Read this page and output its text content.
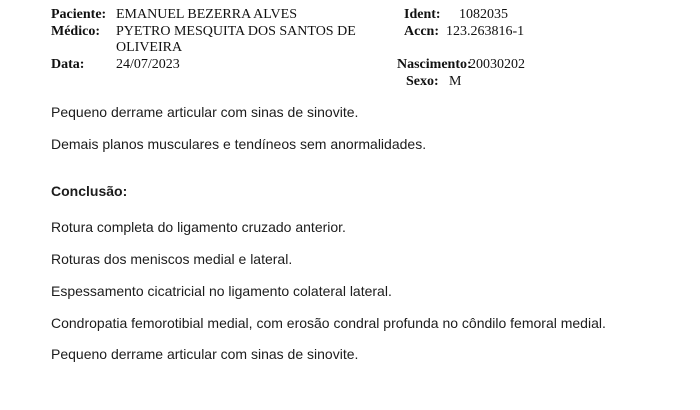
Paciente: EMANUEL BEZERRA ALVES
Médico: PYETRO MESQUITA DOS SANTOS DE
OLIVEIRA
Data: 24/07/2023
Ident: 1082035
Accn: 123.263816-1
Nascimento:
20030202
Sexo: M
Pequeno derrame articular com sinas de sinovite.
Demais planos musculares e tendíneos sem anormalidades.
Conclusão:
Rotura completa do ligamento cruzado anterior.
Roturas dos meniscos medial e lateral.
Espessamento cicatricial no ligamento colateral lateral.
Condropatia femorotibial medial, com erosão condral profunda no côndilo femoral medial.
Pequeno derrame articular com sinas de sinovite.
